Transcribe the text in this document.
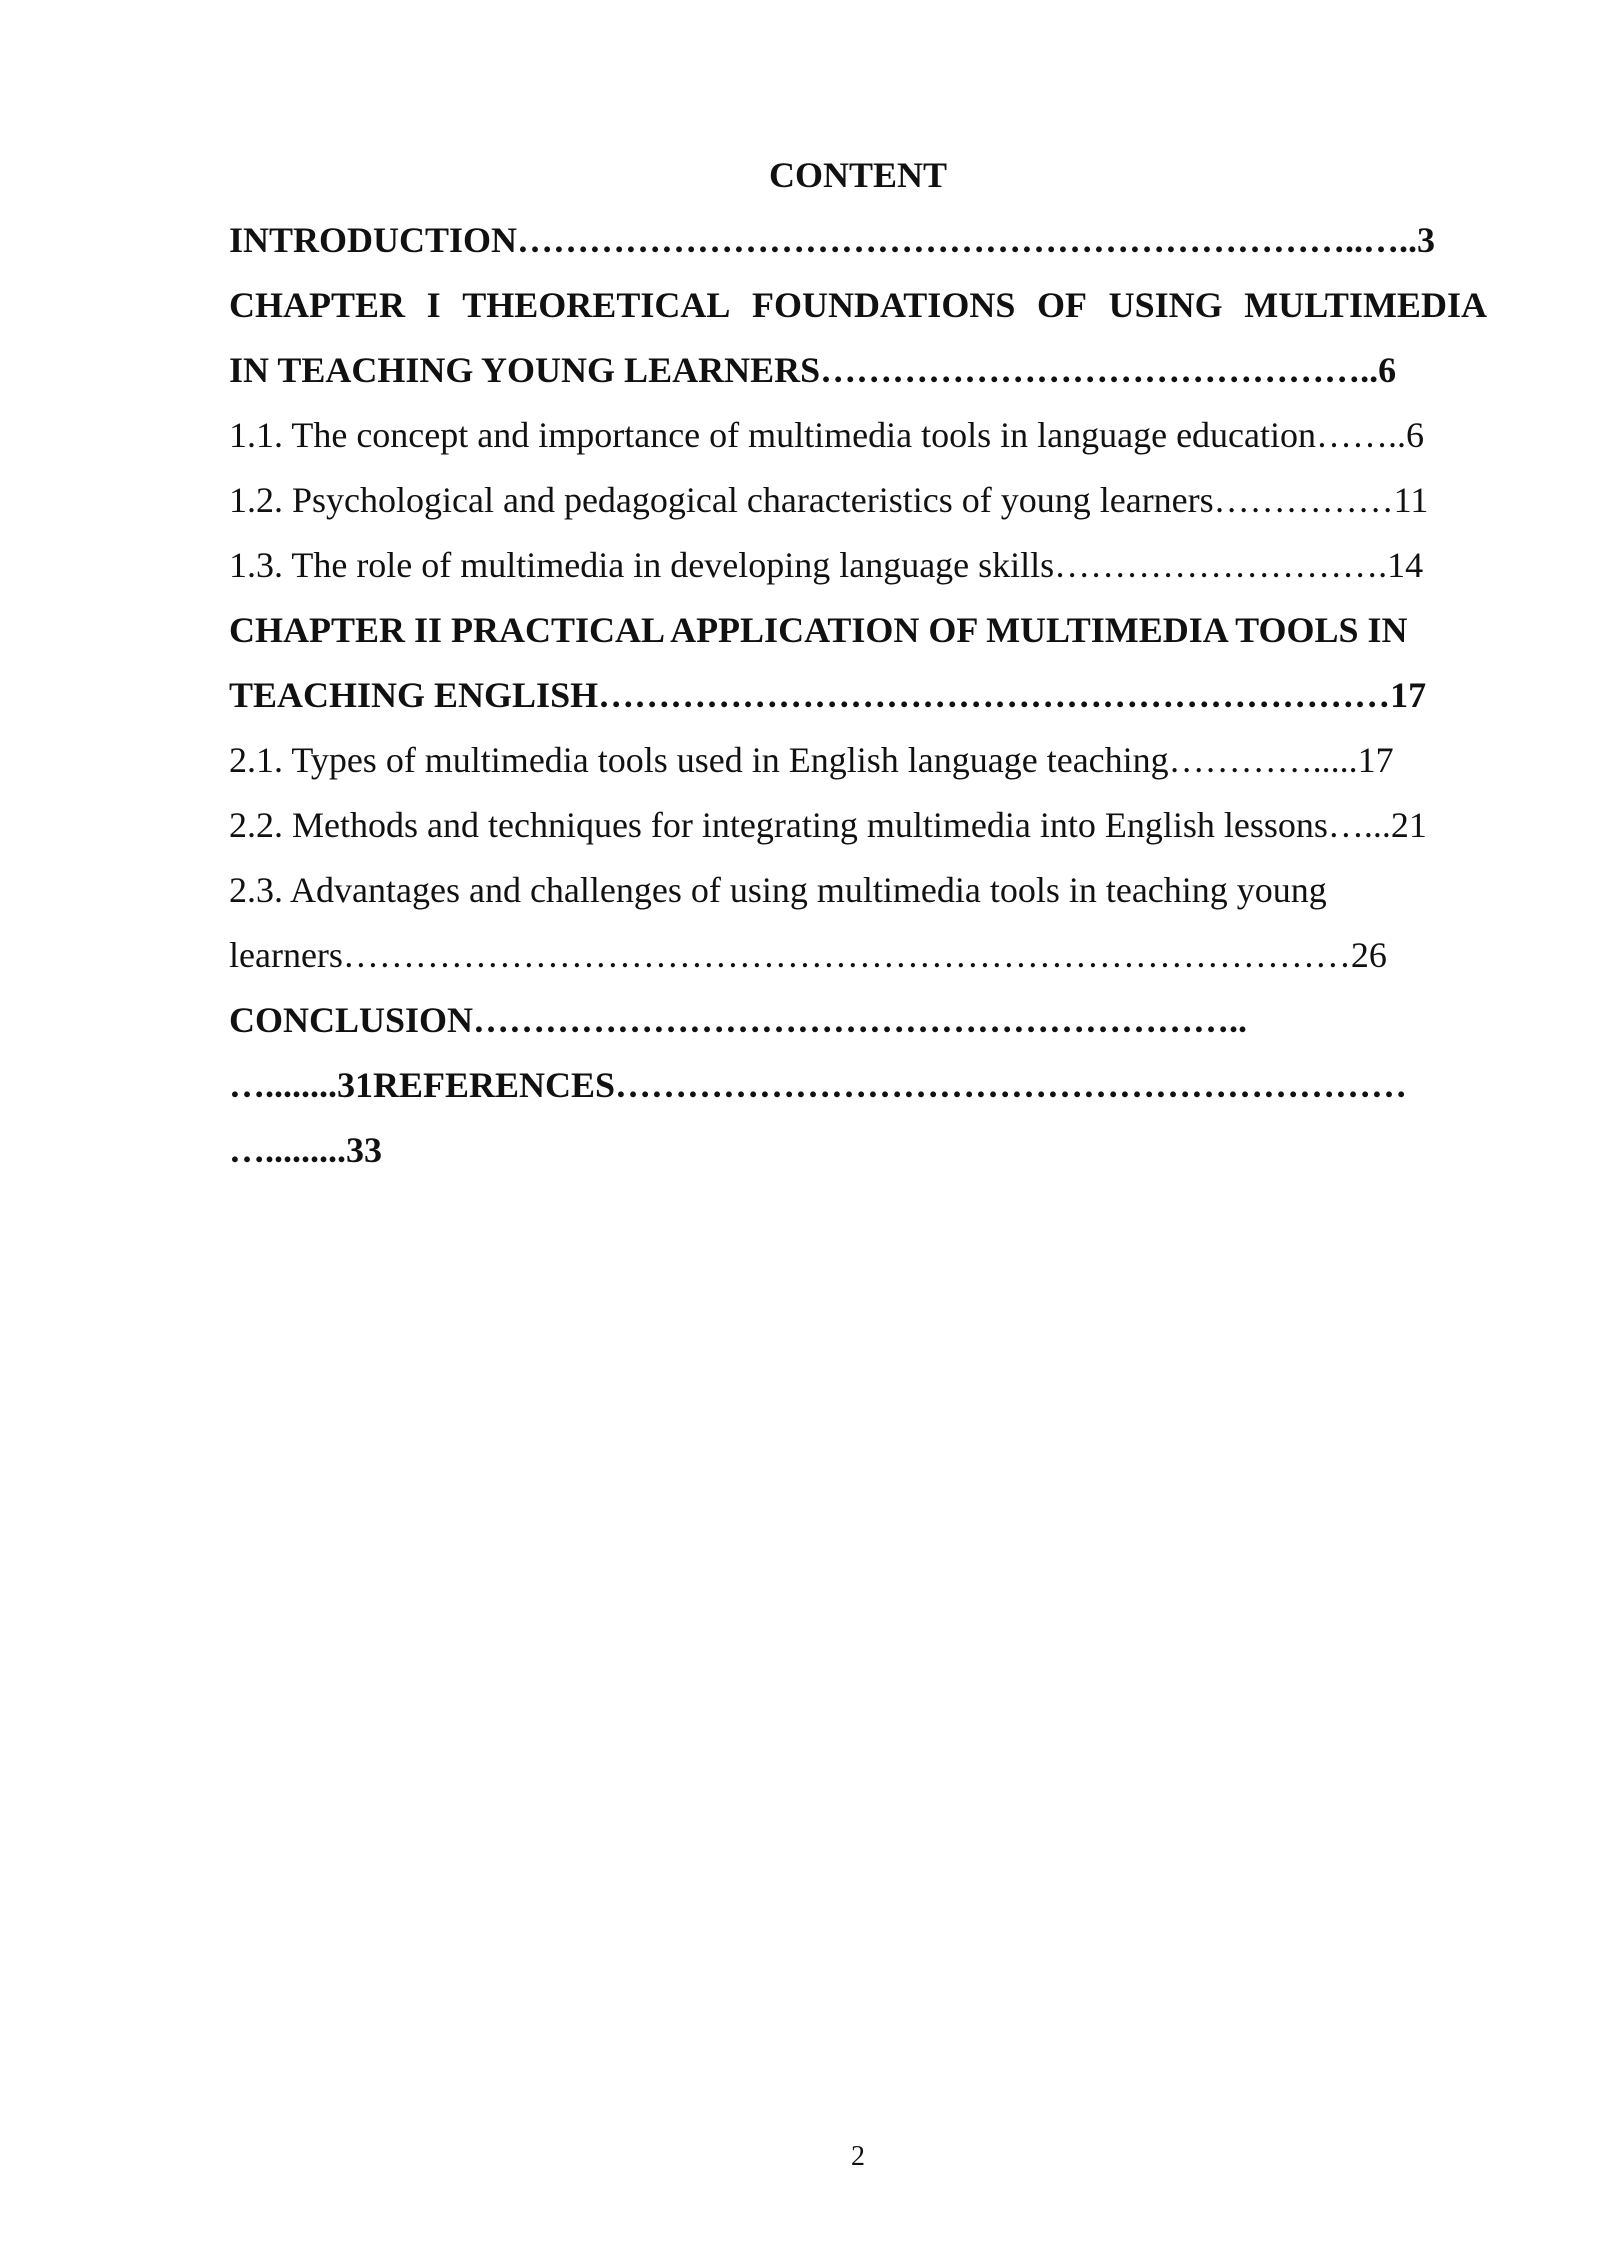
CONTENT
INTRODUCTION……………………………………………………………..…..3
CHAPTER I THEORETICAL FOUNDATIONS OF USING MULTIMEDIA
IN TEACHING YOUNG LEARNERS………………………………………..6
1.1. The concept and importance of multimedia tools in language education……..6
1.2. Psychological and pedagogical characteristics of young learners……………11
1.3. The role of multimedia in developing language skills……………………….14
CHAPTER II PRACTICAL APPLICATION OF MULTIMEDIA TOOLS IN
TEACHING ENGLISH…………………………………………………………17
2.1. Types of multimedia tools used in English language teaching………….....17
2.2. Methods and techniques for integrating multimedia into English lessons…...21
2.3. Advantages and challenges of using multimedia tools in teaching young
learners…………………………………………………………………………26
CONCLUSION………………………………………………………..
…........31REFERENCES…………………………………………………………
….........33
2
